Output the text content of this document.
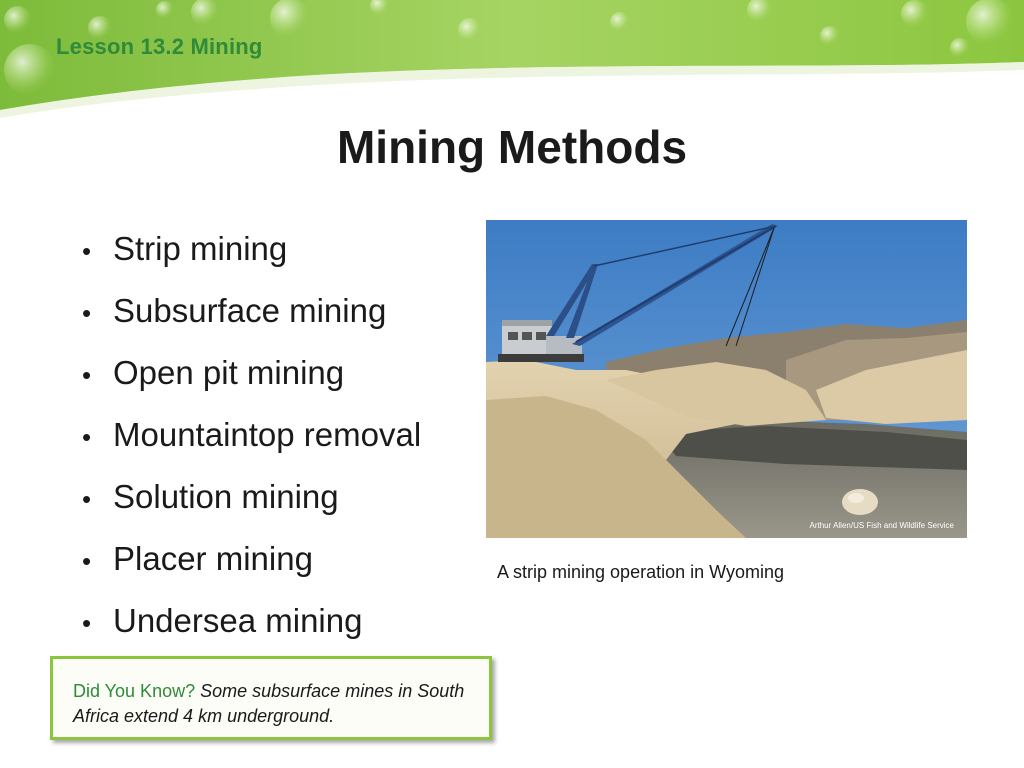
Lesson 13.2 Mining
Mining Methods
• Strip mining
• Subsurface mining
• Open pit mining
• Mountaintop removal
• Solution mining
• Placer mining
• Undersea mining
Arthur Allen/US Fish and Wildlife Service
A strip mining operation in Wyoming
Did You Know? Some subsurface mines in South Africa extend 4 km underground.
